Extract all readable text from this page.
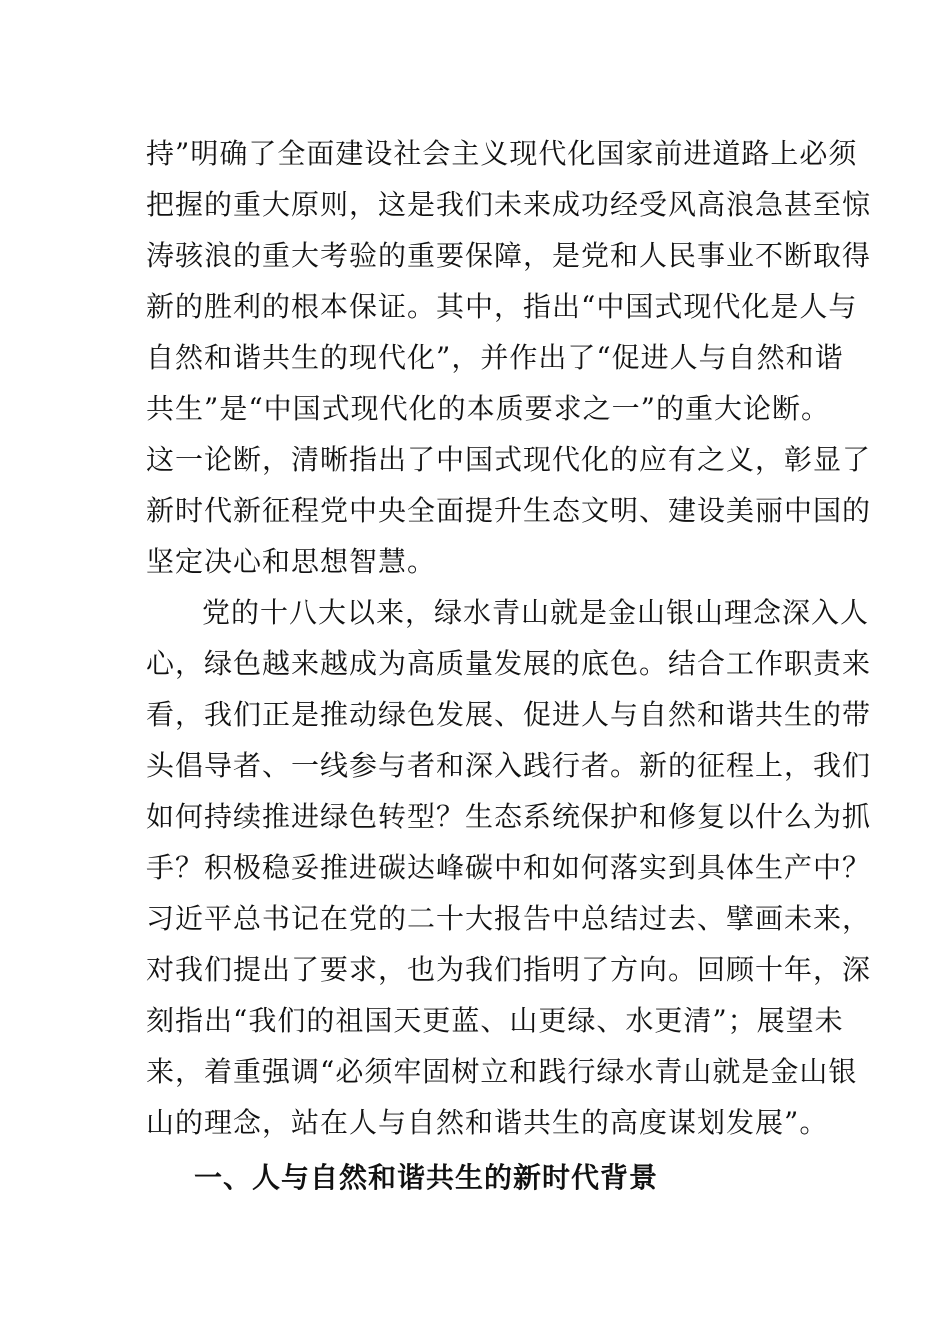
持”明确了全面建设社会主义现代化国家前进道路上必须
把握的重大原则，这是我们未来成功经受风高浪急甚至惊
涛骇浪的重大考验的重要保障，是党和人民事业不断取得
新的胜利的根本保证。其中，指出“中国式现代化是人与
自然和谐共生的现代化”，并作出了“促进人与自然和谐
共生”是“中国式现代化的本质要求之一”的重大论断。
这一论断，清晰指出了中国式现代化的应有之义，彰显了
新时代新征程党中央全面提升生态文明、建设美丽中国的
坚定决心和思想智慧。
党的十八大以来，绿水青山就是金山银山理念深入人
心，绿色越来越成为高质量发展的底色。结合工作职责来
看，我们正是推动绿色发展、促进人与自然和谐共生的带
头倡导者、一线参与者和深入践行者。新的征程上，我们
如何持续推进绿色转型？生态系统保护和修复以什么为抓
手？积极稳妥推进碳达峰碳中和如何落实到具体生产中？
习近平总书记在党的二十大报告中总结过去、擘画未来，
对我们提出了要求，也为我们指明了方向。回顾十年，深
刻指出“我们的祖国天更蓝、山更绿、水更清”；展望未
来，着重强调“必须牢固树立和践行绿水青山就是金山银
山的理念，站在人与自然和谐共生的高度谋划发展”。
一、人与自然和谐共生的新时代背景
